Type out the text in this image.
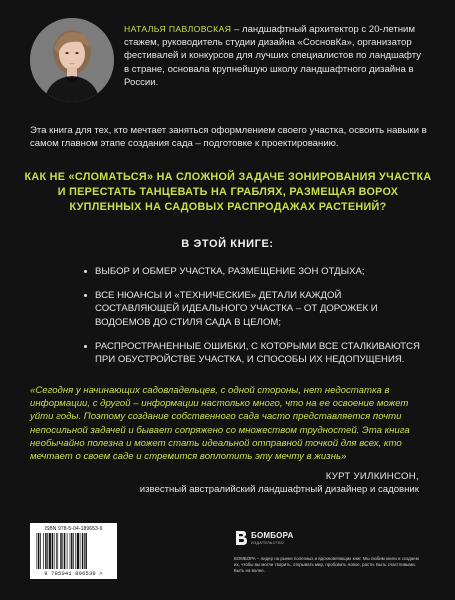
НАТАЛЬЯ ПАВЛОВСКАЯ – ландшафтный архитектор с 20-летним стажем, руководитель студии дизайна «СосновКа», организатор фестивалей и конкурсов для лучших специалистов по ландшафту в стране, основала крупнейшую школу ландшафтного дизайна в России.
Эта книга для тех, кто мечтает заняться оформлением своего участка, освоить навыки в самом главном этапе создания сада – подготовке к проектированию.
КАК НЕ «СЛОМАТЬСЯ» НА СЛОЖНОЙ ЗАДАЧЕ ЗОНИРОВАНИЯ УЧАСТКА И ПЕРЕСТАТЬ ТАНЦЕВАТЬ НА ГРАБЛЯХ, РАЗМЕЩАЯ ВОРОХ КУПЛЕННЫХ НА САДОВЫХ РАСПРОДАЖАХ РАСТЕНИЙ?
В ЭТОЙ КНИГЕ:
ВЫБОР И ОБМЕР УЧАСТКА, РАЗМЕЩЕНИЕ ЗОН ОТДЫХА;
ВСЕ НЮАНСЫ И «ТЕХНИЧЕСКИЕ» ДЕТАЛИ КАЖДОЙ СОСТАВЛЯЮЩЕЙ ИДЕАЛЬНОГО УЧАСТКА – ОТ ДОРОЖЕК И ВОДОЕМОВ ДО СТИЛЯ САДА В ЦЕЛОМ;
РАСПРОСТРАНЕННЫЕ ОШИБКИ, С КОТОРЫМИ ВСЕ СТАЛКИВАЮТСЯ ПРИ ОБУСТРОЙСТВЕ УЧАСТКА, И СПОСОБЫ ИХ НЕДОПУЩЕНИЯ.
«Сегодня у начинающих садовладельцев, с одной стороны, нет недостатка в информации, с другой – информации настолько много, что на ее освоение может уйти годы. Поэтому создание собственного сада часто представляется почти непосильной задачей и бывает сопряжено со множеством трудностей. Эта книга необычайно полезна и может стать идеальной отправной точкой для всех, кто мечтает о своем саде и стремится воплотить эту мечту в жизнь»
КУРТ УИЛКИНСОН,
известный австралийский ландшафтный дизайнер и садовник
ISBN 978-5-04-189653-9
9 785041 896539 >
БОМБОРА
ИЗДАТЕЛЬСТВО
БОМБОРА – лидер на рынке полезных и вдохновляющих книг. Мы любим книги и создаем их, чтобы вы могли творить, открывать мир, пробовать новое, расти. Быть счастливыми. Быть на волне.
